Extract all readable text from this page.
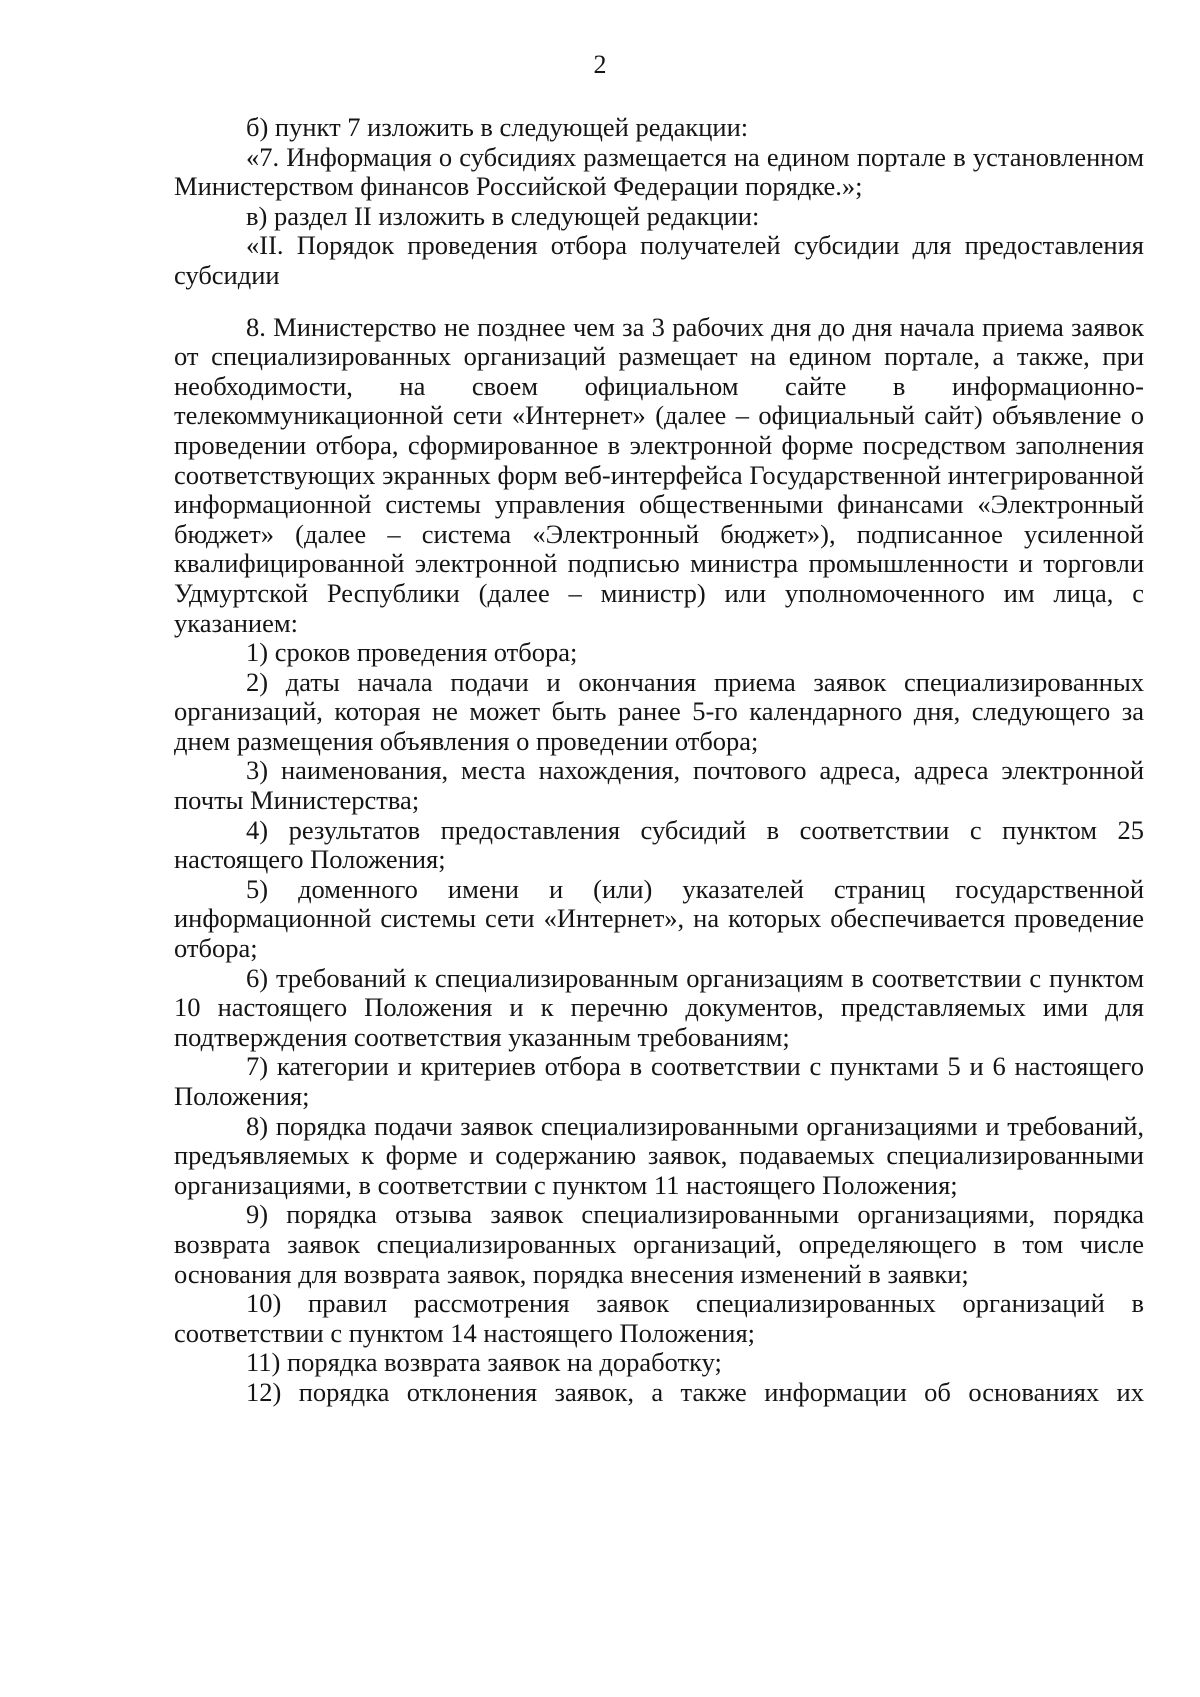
2

б) пункт 7 изложить в следующей редакции:

«7. Информация о субсидиях размещается на едином портале в установленном Министерством финансов Российской Федерации порядке.»;

в) раздел II изложить в следующей редакции:

«II. Порядок проведения отбора получателей субсидии для предоставления субсидии

8. Министерство не позднее чем за 3 рабочих дня до дня начала приема заявок от специализированных организаций размещает на едином портале, а также, при необходимости, на своем официальном сайте в информационно-телекоммуникационной сети «Интернет» (далее – официальный сайт) объявление о проведении отбора, сформированное в электронной форме посредством заполнения соответствующих экранных форм веб-интерфейса Государственной интегрированной информационной системы управления общественными финансами «Электронный бюджет» (далее – система «Электронный бюджет»), подписанное усиленной квалифицированной электронной подписью министра промышленности и торговли Удмуртской Республики (далее – министр) или уполномоченного им лица, с указанием:

1) сроков проведения отбора;

2) даты начала подачи и окончания приема заявок специализированных организаций, которая не может быть ранее 5-го календарного дня, следующего за днем размещения объявления о проведении отбора;

3) наименования, места нахождения, почтового адреса, адреса электронной почты Министерства;

4) результатов предоставления субсидий в соответствии с пунктом 25 настоящего Положения;

5) доменного имени и (или) указателей страниц государственной информационной системы сети «Интернет», на которых обеспечивается проведение отбора;

6) требований к специализированным организациям в соответствии с пунктом 10 настоящего Положения и к перечню документов, представляемых ими для подтверждения соответствия указанным требованиям;

7) категории и критериев отбора в соответствии с пунктами 5 и 6 настоящего Положения;

8) порядка подачи заявок специализированными организациями и требований, предъявляемых к форме и содержанию заявок, подаваемых специализированными организациями, в соответствии с пунктом 11 настоящего Положения;

9) порядка отзыва заявок специализированными организациями, порядка возврата заявок специализированных организаций, определяющего в том числе основания для возврата заявок, порядка внесения изменений в заявки;

10) правил рассмотрения заявок специализированных организаций в соответствии с пунктом 14 настоящего Положения;

11) порядка возврата заявок на доработку;

12) порядка отклонения заявок, а также информации об основаниях их
